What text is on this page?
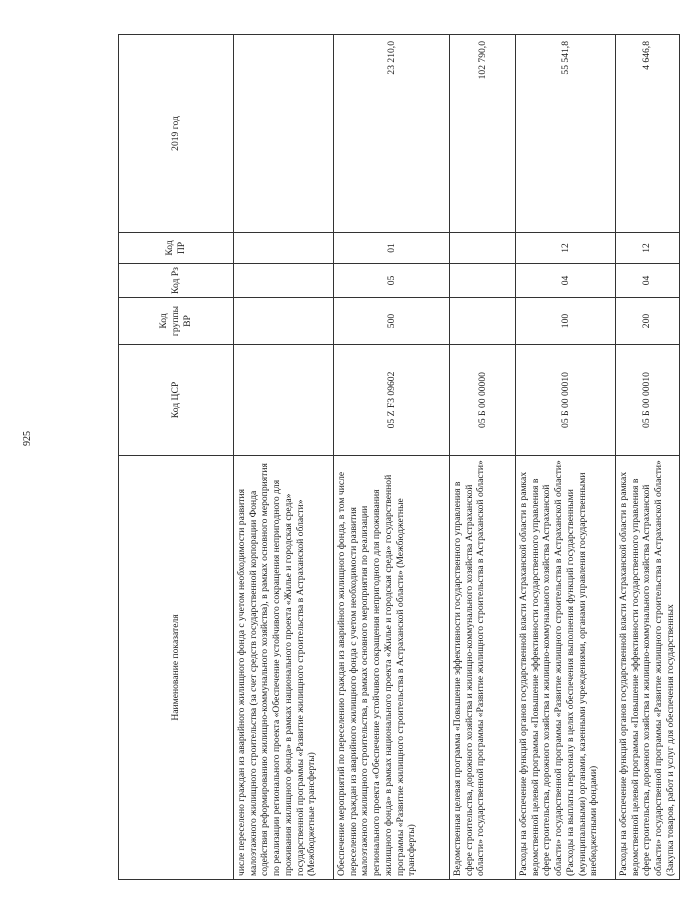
925
Наименование показателя	Код ЦСР	Код группы ВР	Код Рз	Код ПР	2019 год
числе переселено граждан из аварийного жилищного фонда с учетом необходимости развития малоэтажного жилищного строительства (за счет средств государственной корпорации Фонда содействия реформированию жилищно-коммунального хозяйства), в рамках основного мероприятия по реализации регионального проекта «Обеспечение устойчивого сокращения непригодного для проживания жилищного фонда» в рамках национального проекта «Жилье и городская среда» государственной программы «Развитие жилищного строительства в Астраханской области» (Межбюджетные трансферты)					
Обеспечение мероприятий по переселению граждан из аварийного жилищного фонда, в том числе переселению граждан из аварийного жилищного фонда с учетом необходимости развития малоэтажного жилищного строительства, в рамках основного мероприятия по реализации регионального проекта «Обеспечение устойчивого сокращения непригодного для проживания жилищного фонда» в рамках национального проекта «Жилье и городская среда» государственной программы «Развитие жилищного строительства в Астраханской области» (Межбюджетные трансферты)	05 Z F3 09602	500	05	01	23 210,0
Ведомственная целевая программа «Повышение эффективности государственного управления в сфере строительства, дорожного хозяйства и жилищно-коммунального хозяйства Астраханской области» государственной программы «Развитие жилищного строительства в Астраханской области»	05 Б 00 00000				102 790,0
Расходы на обеспечение функций органов государственной власти Астраханской области в рамках ведомственной целевой программы «Повышение эффективности государственного управления в сфере строительства, дорожного хозяйства и жилищно-коммунального хозяйства Астраханской области» государственной программы «Развитие жилищного строительства в Астраханской области» (Расходы на выплаты персоналу в целях обеспечения выполнения функций государственными (муниципальными) органами, казенными учреждениями, органами управления государственными внебюджетными фондами)	05 Б 00 00010	100	04	12	55 541,8
Расходы на обеспечение функций органов государственной власти Астраханской области в рамках ведомственной целевой программы «Повышение эффективности государственного управления в сфере строительства, дорожного хозяйства и жилищно-коммунального хозяйства Астраханской области» государственной программы «Развитие жилищного строительства в Астраханской области» (Закупка товаров, работ и услуг для обеспечения государственных	05 Б 00 00010	200	04	12	4 646,8
